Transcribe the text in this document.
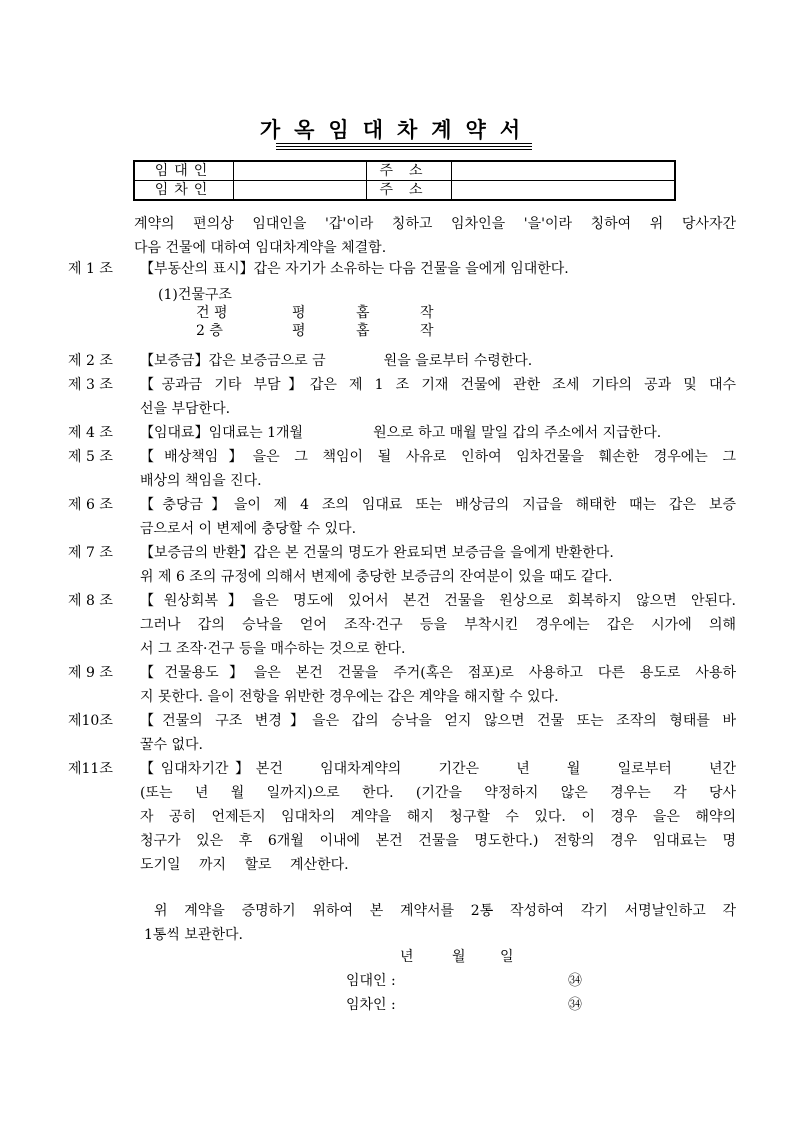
가옥임대차계약서
임대인		주소	
임차인		주소	
계약의 편의상 임대인을 '갑'이라 칭하고 임차인을 '을'이라 칭하여 위 당사자간
다음 건물에 대하여 임대차계약을 체결함.
제 1 조 【부동산의 표시】갑은 자기가 소유하는 다음 건물을 을에게 임대한다.
(1)건물구조
건 평	평	홉	작
2 층	평	홉	작
제 2 조 【보증금】갑은 보증금으로 금	원을 을로부터 수령한다.
제 3 조 【공과금 기타 부담】갑은 제 1 조 기재 건물에 관한 조세 기타의 공과 및 대수
선을 부담한다.
제 4 조 【임대료】임대료는 1개월	원으로 하고 매월 말일 갑의 주소에서 지급한다.
제 5 조 【배상책임】을은 그 책임이 될 사유로 인하여 임차건물을 훼손한 경우에는 그
배상의 책임을 진다.
제 6 조 【충당금】을이 제 4 조의 임대료 또는 배상금의 지급을 해태한 때는 갑은 보증
금으로서 이 변제에 충당할 수 있다.
제 7 조 【보증금의 반환】갑은 본 건물의 명도가 완료되면 보증금을 을에게 반환한다.
위 제 6 조의 규정에 의해서 변제에 충당한 보증금의 잔여분이 있을 때도 같다.
제 8 조 【원상회복】을은 명도에 있어서 본건 건물을 원상으로 회복하지 않으면 안된다.
그러나 갑의 승낙을 얻어 조작·건구 등을 부착시킨 경우에는 갑은 시가에 의해
서 그 조작·건구 등을 매수하는 것으로 한다.
제 9 조 【건물용도】을은 본건 건물을 주거(혹은 점포)로 사용하고 다른 용도로 사용하
지 못한다. 을이 전항을 위반한 경우에는 갑은 계약을 해지할 수 있다.
제10조 【건물의 구조 변경】을은 갑의 승낙을 얻지 않으면 건물 또는 조작의 형태를 바
꿀수 없다.
제11조 【임대차기간】본건 임대차계약의 기간은 년 월 일로부터 년간
(또는 년 월 일까지)으로 한다. (기간을 약정하지 않은 경우는 각 당사
자 공히 언제든지 임대차의 계약을 해지 청구할 수 있다. 이 경우 을은 해약의
청구가 있은 후 6개월 이내에 본건 건물을 명도한다.) 전항의 경우 임대료는 명
도기일 까지 할로 계산한다.
위 계약을 증명하기 위하여 본 계약서를 2통 작성하여 각기 서명날인하고 각
1통씩 보관한다.
년	월 일
임대인 :	㉞
임차인 :	㉞
